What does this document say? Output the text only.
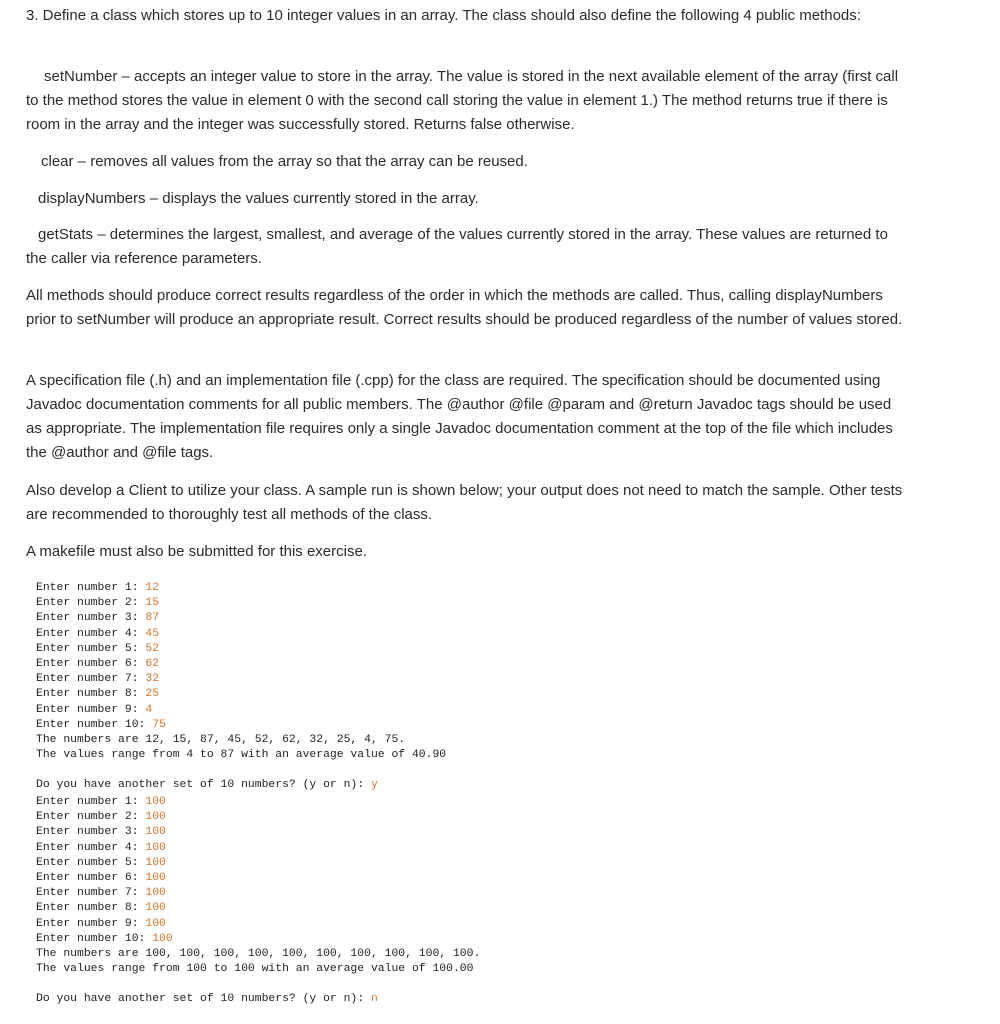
3. Define a class which stores up to 10 integer values in an array. The class should also define the following 4 public methods:

setNumber – accepts an integer value to store in the array. The value is stored in the next available element of the array (first call to the method stores the value in element 0 with the second call storing the value in element 1.) The method returns true if there is room in the array and the integer was successfully stored. Returns false otherwise.

clear – removes all values from the array so that the array can be reused.

displayNumbers – displays the values currently stored in the array.

getStats – determines the largest, smallest, and average of the values currently stored in the array. These values are returned to the caller via reference parameters.

All methods should produce correct results regardless of the order in which the methods are called. Thus, calling displayNumbers prior to setNumber will produce an appropriate result. Correct results should be produced regardless of the number of values stored.

A specification file (.h) and an implementation file (.cpp) for the class are required. The specification should be documented using Javadoc documentation comments for all public members. The @author @file @param and @return Javadoc tags should be used as appropriate. The implementation file requires only a single Javadoc documentation comment at the top of the file which includes the @author and @file tags.

Also develop a Client to utilize your class. A sample run is shown below; your output does not need to match the sample. Other tests are recommended to thoroughly test all methods of the class.

A makefile must also be submitted for this exercise.

Enter number 1: 12
Enter number 2: 15
Enter number 3: 87
Enter number 4: 45
Enter number 5: 52
Enter number 6: 62
Enter number 7: 32
Enter number 8: 25
Enter number 9: 4
Enter number 10: 75
The numbers are 12, 15, 87, 45, 52, 62, 32, 25, 4, 75.
The values range from 4 to 87 with an average value of 40.90
Do you have another set of 10 numbers? (y or n): y
Enter number 1: 100
Enter number 2: 100
Enter number 3: 100
Enter number 4: 100
Enter number 5: 100
Enter number 6: 100
Enter number 7: 100
Enter number 8: 100
Enter number 9: 100
Enter number 10: 100
The numbers are 100, 100, 100, 100, 100, 100, 100, 100, 100, 100.
The values range from 100 to 100 with an average value of 100.00
Do you have another set of 10 numbers? (y or n): n
